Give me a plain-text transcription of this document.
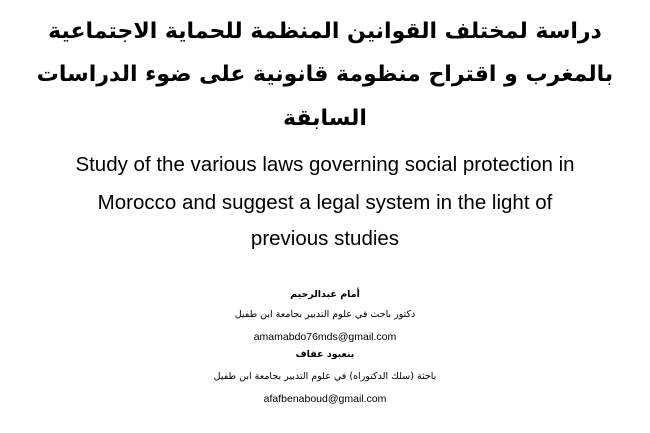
دراسة لمختلف القوانين المنظمة للحماية الاجتماعية
بالمغرب و اقتراح منظومة قانونية على ضوء الدراسات
السابقة
Study of the various laws governing social protection in
Morocco and suggest a legal system in the light of
previous studies
أمام عبدالرحيم
دكتور باحث في علوم التدبير بجامعة ابن طفيل
amamabdo76mds@gmail.com
بنعبود عفاف
باحثة (سلك الدكتوراه) في علوم التدبير بجامعة ابن طفيل
afafbenaboud@gmail.com
